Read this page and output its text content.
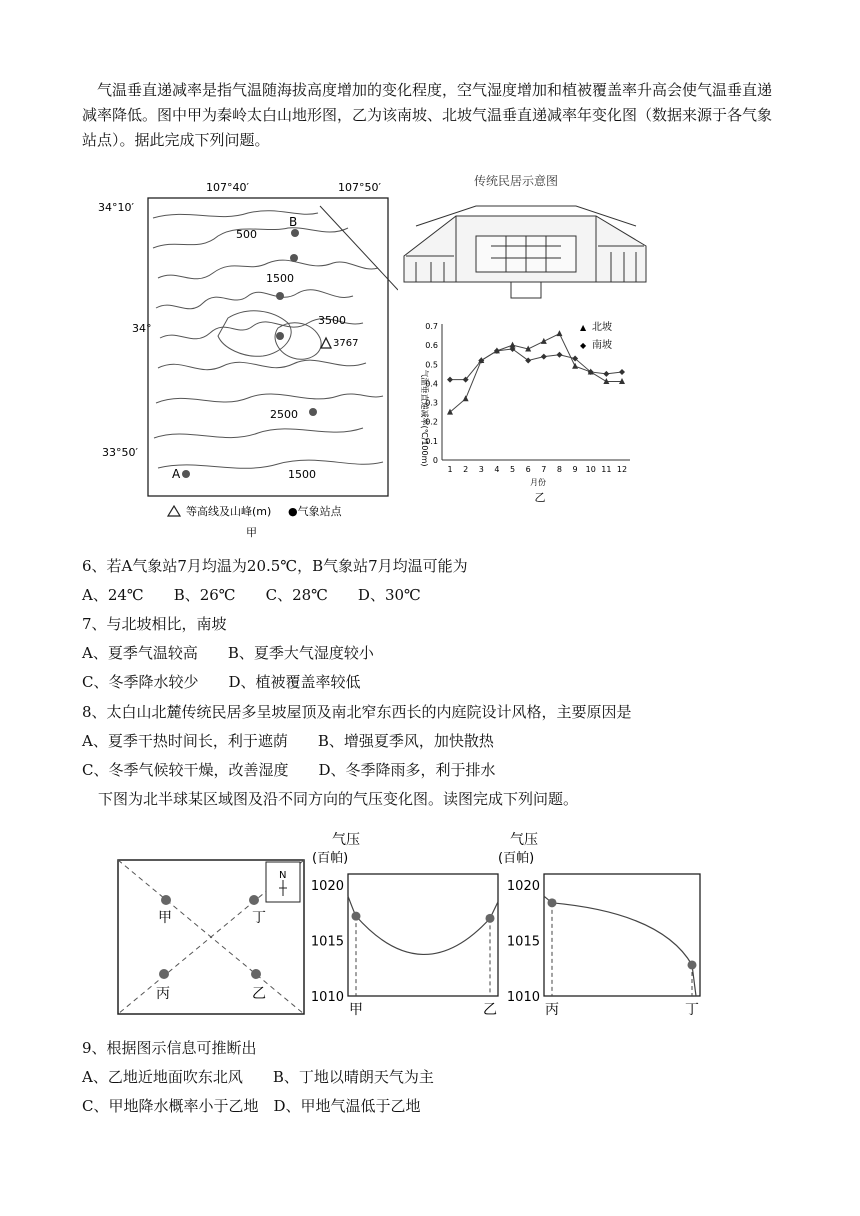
气温垂直递减率是指气温随海拔高度增加的变化程度，空气湿度增加和植被覆盖率升高会使气温垂直递减率降低。图中甲为秦岭太白山地形图，乙为该南坡、北坡气温垂直递减率年变化图（数据来源于各气象站点）。据此完成下列问题。
107°40′	107°50′
34°10′
34°
33°50′
500
1500
3500
2500
1500
3767
B
A
等高线及山峰(m) ●气象站点
甲
传统民居示意图
0
0.1
0.2
0.3
0.4
0.5
0.6
0.7
气温垂直递减率(℃/100m)
1 2 3 4 5 6 7 8 9 10 11 12
月份
乙
▲ 北坡
◆ 南坡
6、若A气象站7月均温为20.5℃，B气象站7月均温可能为
A、24℃　　B、26℃　　C、28℃　　D、30℃
7、与北坡相比，南坡
A、夏季气温较高　　B、夏季大气湿度较小
C、冬季降水较少　　D、植被覆盖率较低
8、太白山北麓传统民居多呈坡屋顶及南北窄东西长的内庭院设计风格，主要原因是
A、夏季干热时间长，利于遮荫　　B、增强夏季风，加快散热
C、冬季气候较干燥，改善湿度　　D、冬季降雨多，利于排水
下图为北半球某区域图及沿不同方向的气压变化图。读图完成下列问题。
N
甲	丁
丙	乙
气压
(百帕)
1020
1015
1010
甲	乙
气压
(百帕)
1020
1015
1010
丙	丁
9、根据图示信息可推断出
A、乙地近地面吹东北风　　B、丁地以晴朗天气为主
C、甲地降水概率小于乙地　D、甲地气温低于乙地
